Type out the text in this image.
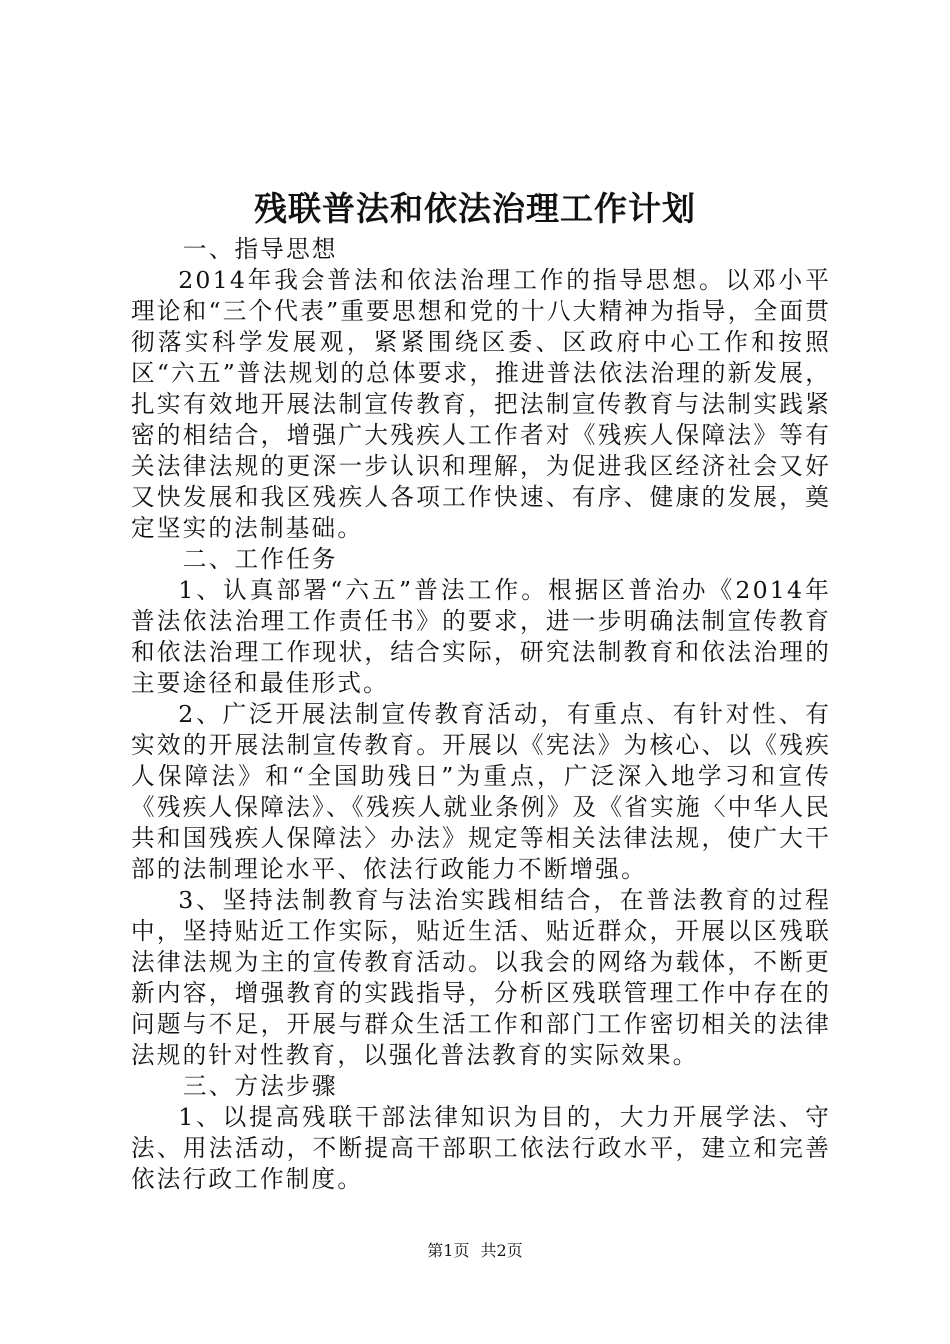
残联普法和依法治理工作计划

一、指导思想

2014年我会普法和依法治理工作的指导思想。以邓小平理论和“三个代表”重要思想和党的十八大精神为指导，全面贯彻落实科学发展观，紧紧围绕区委、区政府中心工作和按照区“六五”普法规划的总体要求，推进普法依法治理的新发展，扎实有效地开展法制宣传教育，把法制宣传教育与法制实践紧密的相结合，增强广大残疾人工作者对《残疾人保障法》等有关法律法规的更深一步认识和理解，为促进我区经济社会又好又快发展和我区残疾人各项工作快速、有序、健康的发展，奠定坚实的法制基础。

二、工作任务

1、认真部署“六五”普法工作。根据区普治办《2014年普法依法治理工作责任书》的要求，进一步明确法制宣传教育和依法治理工作现状，结合实际，研究法制教育和依法治理的主要途径和最佳形式。

2、广泛开展法制宣传教育活动，有重点、有针对性、有实效的开展法制宣传教育。开展以《宪法》为核心、以《残疾人保障法》和“全国助残日”为重点，广泛深入地学习和宣传《残疾人保障法》、《残疾人就业条例》及《省实施〈中华人民共和国残疾人保障法〉办法》规定等相关法律法规，使广大干部的法制理论水平、依法行政能力不断增强。

3、坚持法制教育与法治实践相结合，在普法教育的过程中，坚持贴近工作实际，贴近生活、贴近群众，开展以区残联法律法规为主的宣传教育活动。以我会的网络为载体，不断更新内容，增强教育的实践指导，分析区残联管理工作中存在的问题与不足，开展与群众生活工作和部门工作密切相关的法律法规的针对性教育，以强化普法教育的实际效果。

三、方法步骤

1、以提高残联干部法律知识为目的，大力开展学法、守法、用法活动，不断提高干部职工依法行政水平，建立和完善依法行政工作制度。

第1页 共2页
